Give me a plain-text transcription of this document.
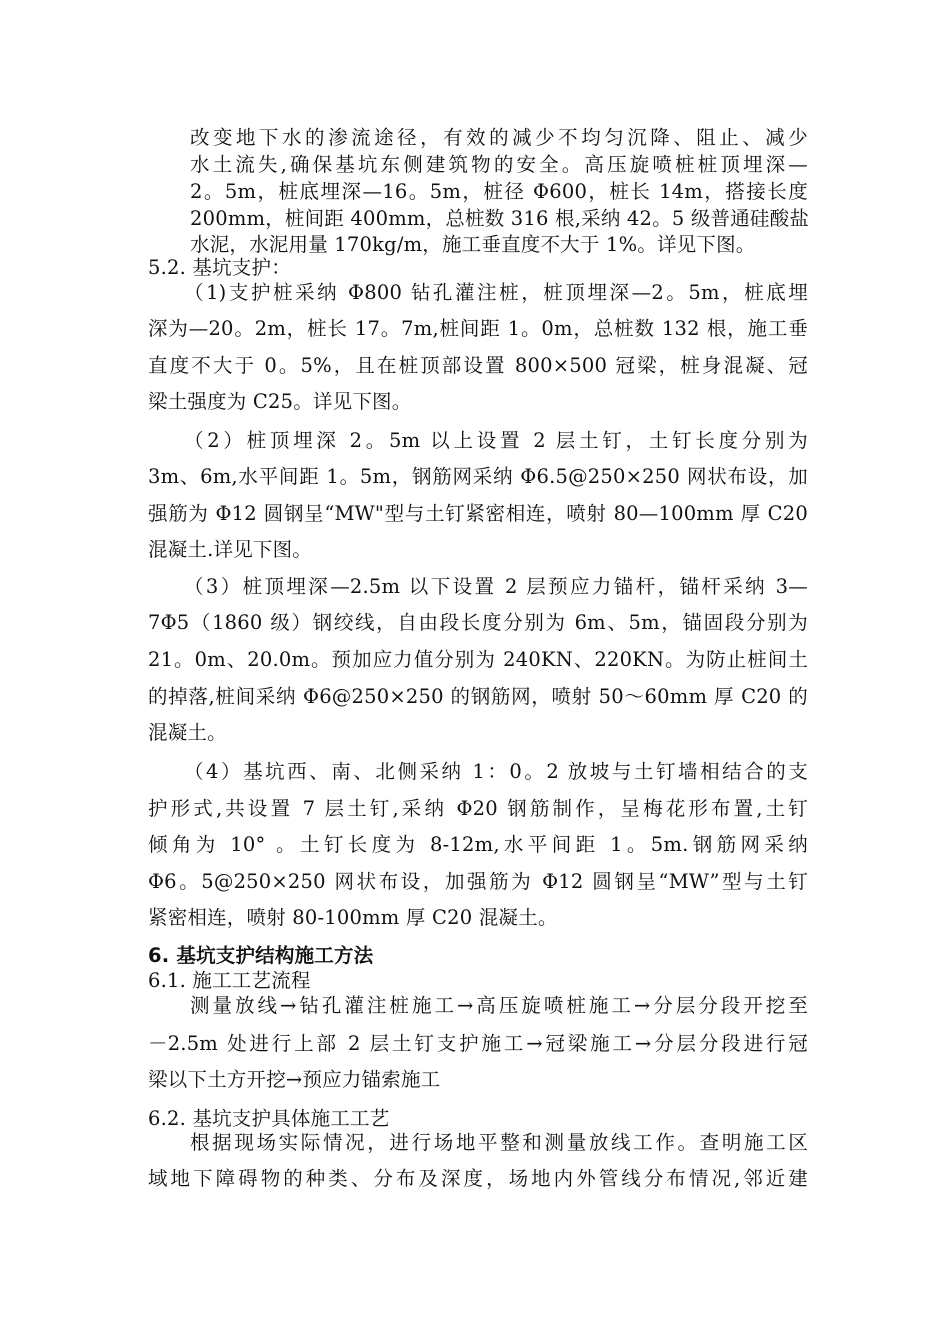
改变地下水的渗流途径，有效的减少不均匀沉降、阻止、减少
水土流失,确保基坑东侧建筑物的安全。高压旋喷桩桩顶埋深—
2。5m，桩底埋深—16。5m，桩径 Φ600，桩长 14m，搭接长度
200mm，桩间距 400mm，总桩数 316 根,采纳 42。5 级普通硅酸盐
水泥，水泥用量 170kg/m，施工垂直度不大于 1%。详见下图。
5.2. 基坑支护：
（1)支护桩采纳 Φ800 钻孔灌注桩，桩顶埋深—2。5m，桩底埋
深为—20。2m，桩长 17。7m,桩间距 1。0m，总桩数 132 根，施工垂
直度不大于 0。5%，且在桩顶部设置 800×500 冠梁，桩身混凝、冠
梁土强度为 C25。详见下图。
（2）桩顶埋深 2。5m 以上设置 2 层土钉，土钉长度分别为
3m、6m,水平间距 1。5m，钢筋网采纳 Φ6.5@250×250 网状布设，加
强筋为 Φ12 圆钢呈“MW"型与土钉紧密相连，喷射 80—100mm 厚 C20
混凝土.详见下图。
（3）桩顶埋深—2.5m 以下设置 2 层预应力锚杆，锚杆采纳 3—
7Φ5（1860 级）钢绞线，自由段长度分别为 6m、5m，锚固段分别为
21。0m、20.0m。预加应力值分别为 240KN、220KN。为防止桩间土
的掉落,桩间采纳 Φ6@250×250 的钢筋网，喷射 50～60mm 厚 C20 的
混凝土。
（4）基坑西、南、北侧采纳 1：0。2 放坡与土钉墙相结合的支
护形式,共设置 7 层土钉,采纳 Φ20 钢筋制作，呈梅花形布置,土钉
倾角为 10° 。土钉长度为 8-12m,水平间距 1。5m.钢筋网采纳
Φ6。5@250×250 网状布设，加强筋为 Φ12 圆钢呈“MW”型与土钉
紧密相连，喷射 80-100mm 厚 C20 混凝土。
6. 基坑支护结构施工方法
6.1. 施工工艺流程
测量放线→钻孔灌注桩施工→高压旋喷桩施工→分层分段开挖至
－2.5m 处进行上部 2 层土钉支护施工→冠梁施工→分层分段进行冠
梁以下土方开挖→预应力锚索施工
6.2. 基坑支护具体施工工艺
根据现场实际情况，进行场地平整和测量放线工作。查明施工区
域地下障碍物的种类、分布及深度，场地内外管线分布情况,邻近建
